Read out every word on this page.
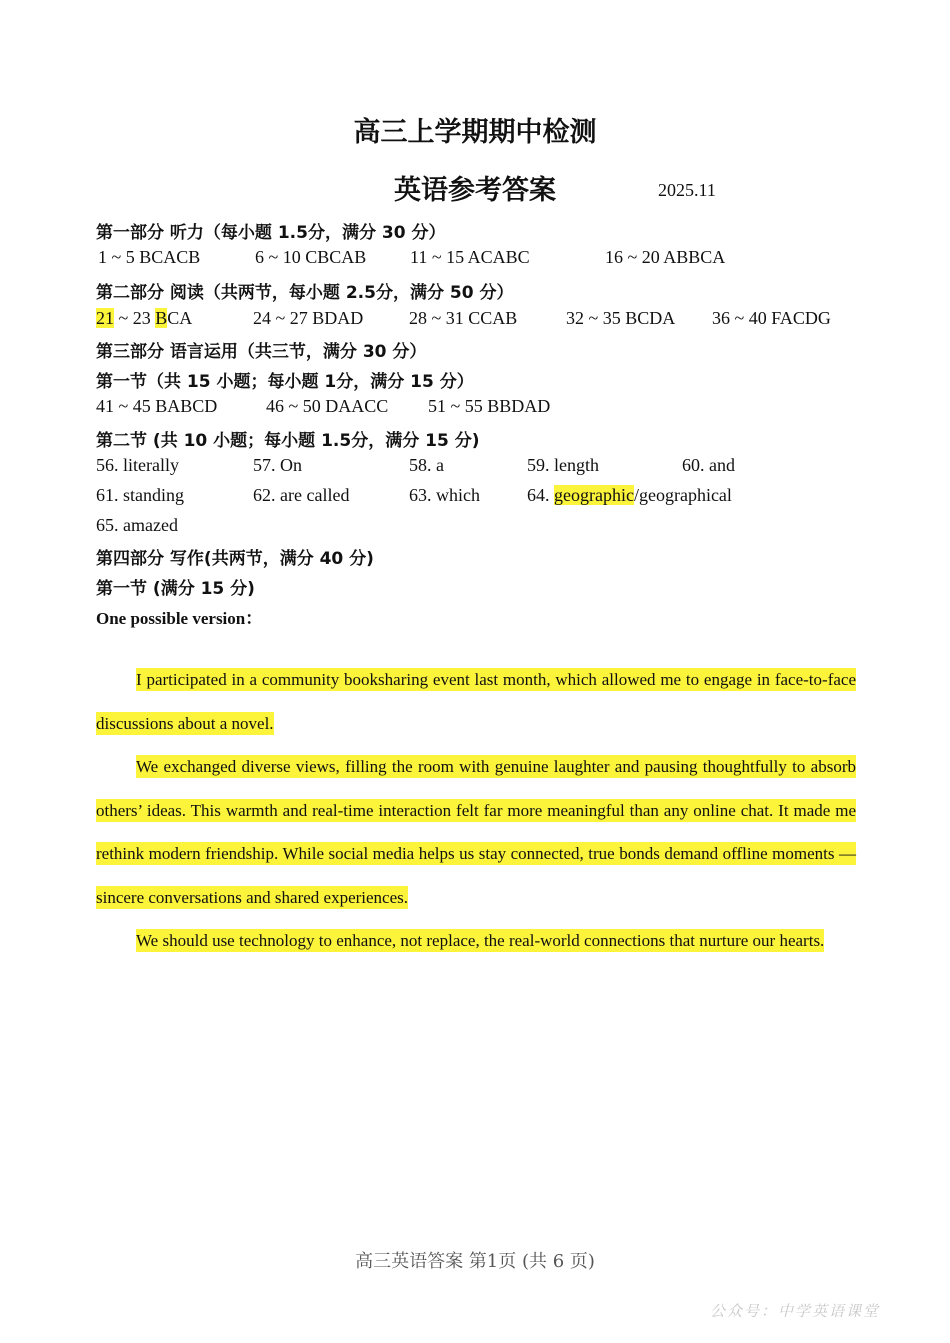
高三上学期期中检测
英语参考答案	2025.11
第一部分 听力（每小题 1.5分，满分 30 分）
1 ~ 5 BCACB	6 ~ 10 CBCAB 11 ~ 15 ACABC	16 ~ 20 ABBCA
第二部分 阅读（共两节，每小题 2.5分，满分 50 分）
21 ~ 23 BCA	24 ~ 27 BDAD	28 ~ 31 CCAB	32 ~ 35 BCDA 36 ~ 40 FACDG
第三部分 语言运用（共三节，满分 30 分）
第一节（共 15 小题；每小题 1分，满分 15 分）
41 ~ 45 BABCD	46 ~ 50 DAACC 51 ~ 55 BBDAD
第二节 (共 10 小题；每小题 1.5分，满分 15 分)
56. literally	57. On	58. a	59. length	60. and
61. standing	62. are called	63. which	64. geographic/geographical
65. amazed
第四部分 写作(共两节，满分 40 分)
第一节 (满分 15 分)
One possible version：

I participated in a community booksharing event last month, which allowed me to engage in face-to-face discussions about a novel.

We exchanged diverse views, filling the room with genuine laughter and pausing thoughtfully to absorb others’ ideas. This warmth and real-time interaction felt far more meaningful than any online chat. It made me rethink modern friendship. While social media helps us stay connected, true bonds demand offline moments — sincere conversations and shared experiences.

We should use technology to enhance, not replace, the real-world connections that nurture our hearts.

高三英语答案 第1页 (共 6 页)
公众号：中学英语课堂
